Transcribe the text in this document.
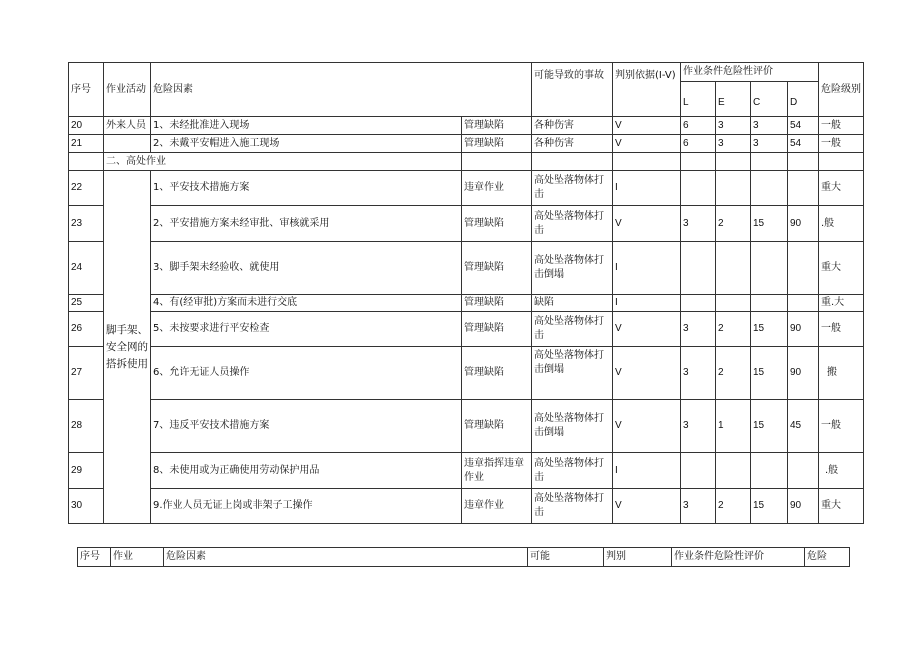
序号	作业活动	危险因素		可能导致的事故	判别依据(I-V)	作业条件危险性评价				危险级别
						L	E	C	D	
20	外来人员	1、未经批准进入现场	管理缺陷	各种伤害	V	6	3	3	54	一般
21		2、未戴平安帽进入施工现场	管理缺陷	各种伤害	V	6	3	3	54	一般
	二、高处作业									
22	脚手架、安全网的搭拆使用	1、平安技术措施方案	违章作业	高处坠落物体打击	I					重大
23		2、平安措施方案未经审批、审核就采用	管理缺陷	高处坠落物体打击	V	3	2	15	90	.般
24		3、脚手架未经验收、就使用	管理缺陷	高处坠落物体打击倒塌	I					重大
25		4、有(经审批)方案而未进行交底	管理缺陷	缺陷	I					重.大
26		5、未按要求进行平安检查	管理缺陷	高处坠落物体打击	V	3	2	15	90	一般
27		6、允许无证人员操作	管理缺陷	高处坠落物体打击倒塌	V	3	2	15	90	搬
28		7、违反平安技术措施方案	管理缺陷	高处坠落物体打击倒塌	V	3	1	15	45	一般
29		8、未使用或为正确使用劳动保护用品	违章指挥违章作业	高处坠落物体打击	I					.般
30		9.作业人员无证上岗或非架子工操作	违章作业	高处坠落物体打击	V	3	2	15	90	重大
序号	作业	危险因素	可能	判别	作业条件危险性评价	危险
